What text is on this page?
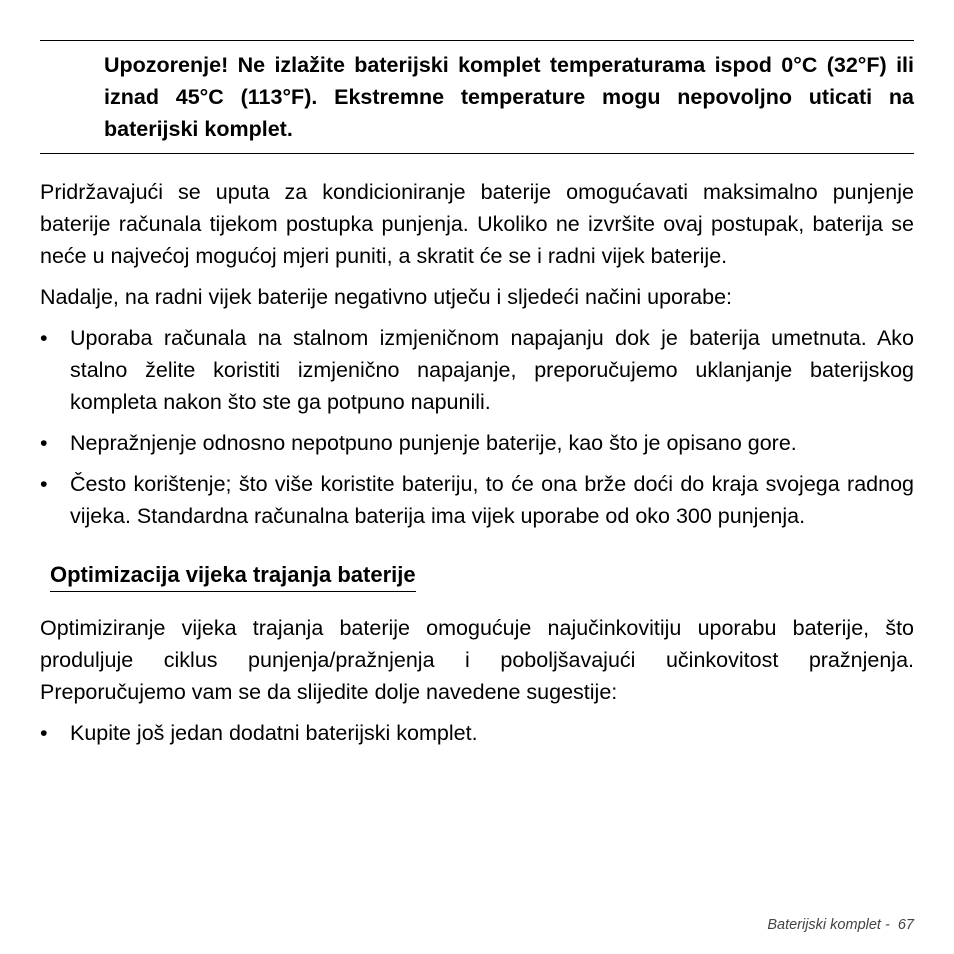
Upozorenje! Ne izlažite baterijski komplet temperaturama ispod 0°C (32°F) ili iznad 45°C (113°F). Ekstremne temperature mogu nepovoljno uticati na baterijski komplet.

Pridržavajući se uputa za kondicioniranje baterije omogućavati maksimalno punjenje baterije računala tijekom postupka punjenja. Ukoliko ne izvršite ovaj postupak, baterija se neće u najvećoj mogućoj mjeri puniti, a skratit će se i radni vijek baterije.

Nadalje, na radni vijek baterije negativno utječu i sljedeći načini uporabe:

•	Uporaba računala na stalnom izmjeničnom napajanju dok je baterija umetnuta. Ako stalno želite koristiti izmjenično napajanje, preporučujemo uklanjanje baterijskog kompleta nakon što ste ga potpuno napunili.
•	Nepražnjenje odnosno nepotpuno punjenje baterije, kao što je opisano gore.
•	Često korištenje; što više koristite bateriju, to će ona brže doći do kraja svojega radnog vijeka. Standardna računalna baterija ima vijek uporabe od oko 300 punjenja.
Optimizacija vijeka trajanja baterije

Optimiziranje vijeka trajanja baterije omogućuje najučinkovitiju uporabu baterije, što produljuje ciklus punjenja/pražnjenja i poboljšavajući učinkovitost pražnjenja. Preporučujemo vam se da slijedite dolje navedene sugestije:

•	Kupite još jedan dodatni baterijski komplet.
Baterijski komplet -  67
